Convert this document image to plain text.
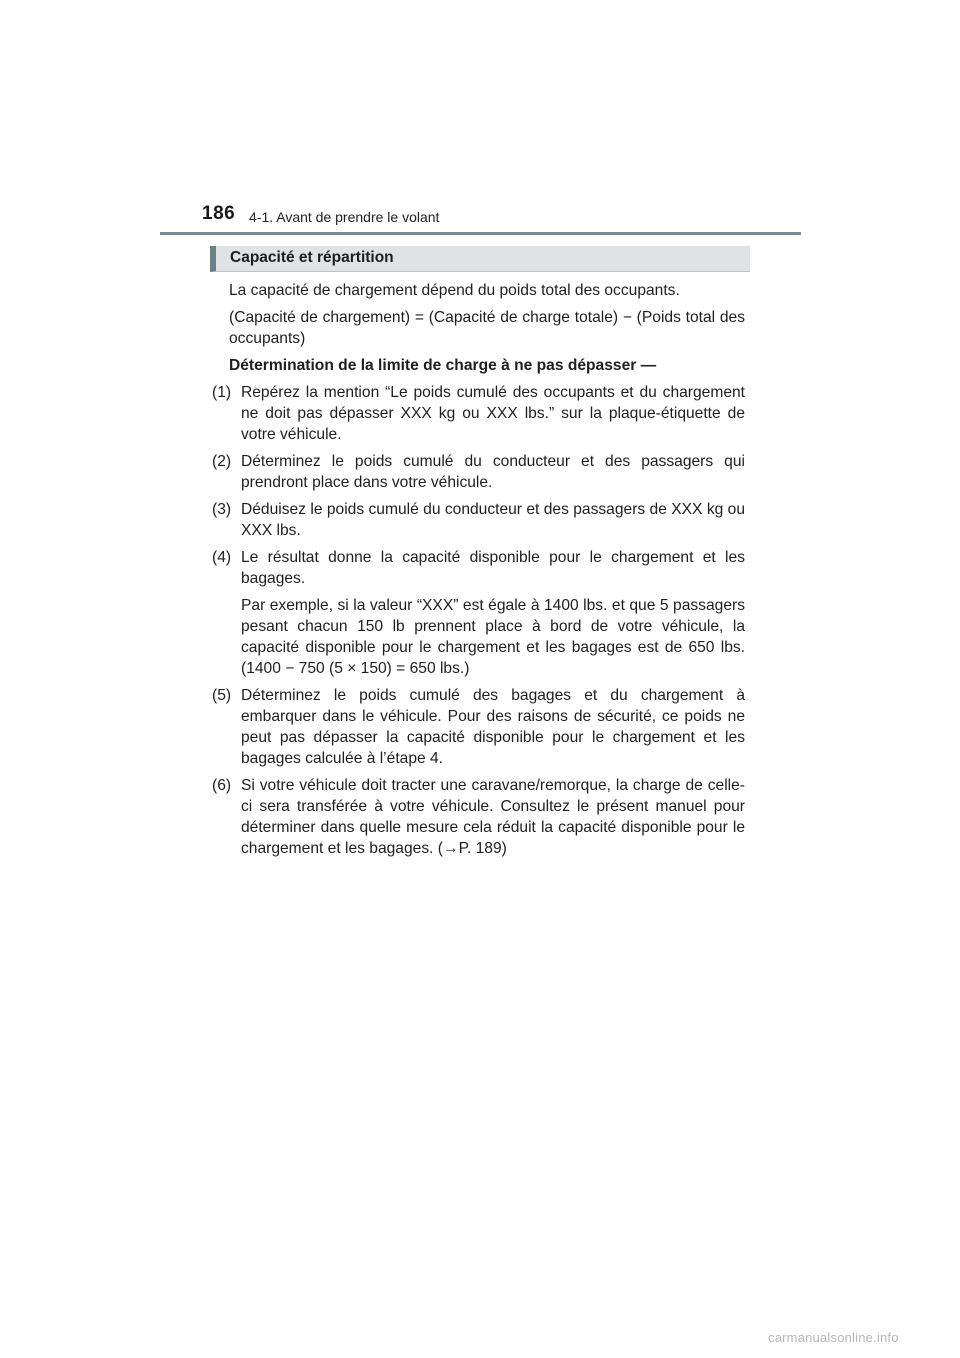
186 4-1. Avant de prendre le volant
Capacité et répartition

La capacité de chargement dépend du poids total des occupants.

(Capacité de chargement) = (Capacité de charge totale) − (Poids total des occupants)

Détermination de la limite de charge à ne pas dépasser —

(1) Repérez la mention “Le poids cumulé des occupants et du chargement ne doit pas dépasser XXX kg ou XXX lbs.” sur la plaque-étiquette de votre véhicule.
(2) Déterminez le poids cumulé du conducteur et des passagers qui prendront place dans votre véhicule.
(3) Déduisez le poids cumulé du conducteur et des passagers de XXX kg ou XXX lbs.
(4) Le résultat donne la capacité disponible pour le chargement et les bagages.
Par exemple, si la valeur “XXX” est égale à 1400 lbs. et que 5 passagers pesant chacun 150 lb prennent place à bord de votre véhicule, la capacité disponible pour le chargement et les bagages est de 650 lbs. (1400 − 750 (5 × 150) = 650 lbs.)
(5) Déterminez le poids cumulé des bagages et du chargement à embarquer dans le véhicule. Pour des raisons de sécurité, ce poids ne peut pas dépasser la capacité disponible pour le chargement et les bagages calculée à l’étape 4.
(6) Si votre véhicule doit tracter une caravane/remorque, la charge de celle-ci sera transférée à votre véhicule. Consultez le présent manuel pour déterminer dans quelle mesure cela réduit la capacité disponible pour le chargement et les bagages. (→P. 189)
carmanualsonline.info
